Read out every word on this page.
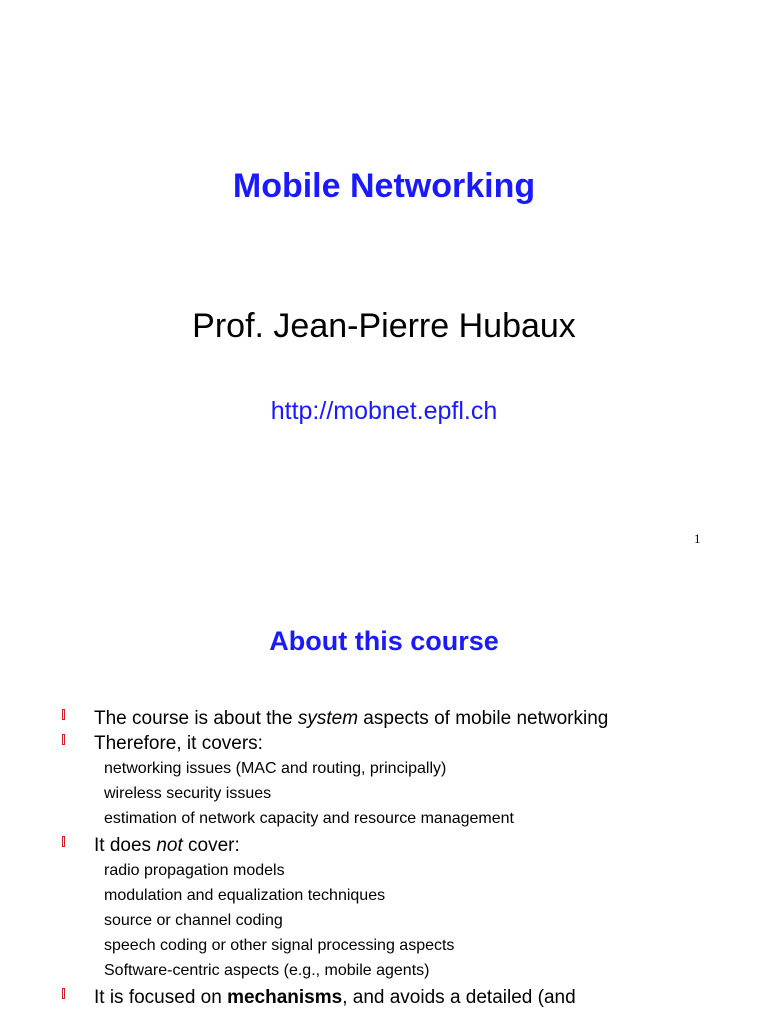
Mobile Networking
Prof. Jean-Pierre Hubaux
http://mobnet.epfl.ch
1
About this course
The course is about the system aspects of mobile networking
Therefore, it covers:
networking issues (MAC and routing, principally)
wireless security issues
estimation of network capacity and resource management
It does not cover:
radio propagation models
modulation and equalization techniques
source or channel coding
speech coding or other signal processing aspects
Software-centric aspects (e.g., mobile agents)
It is focused on mechanisms, and avoids a detailed (and
